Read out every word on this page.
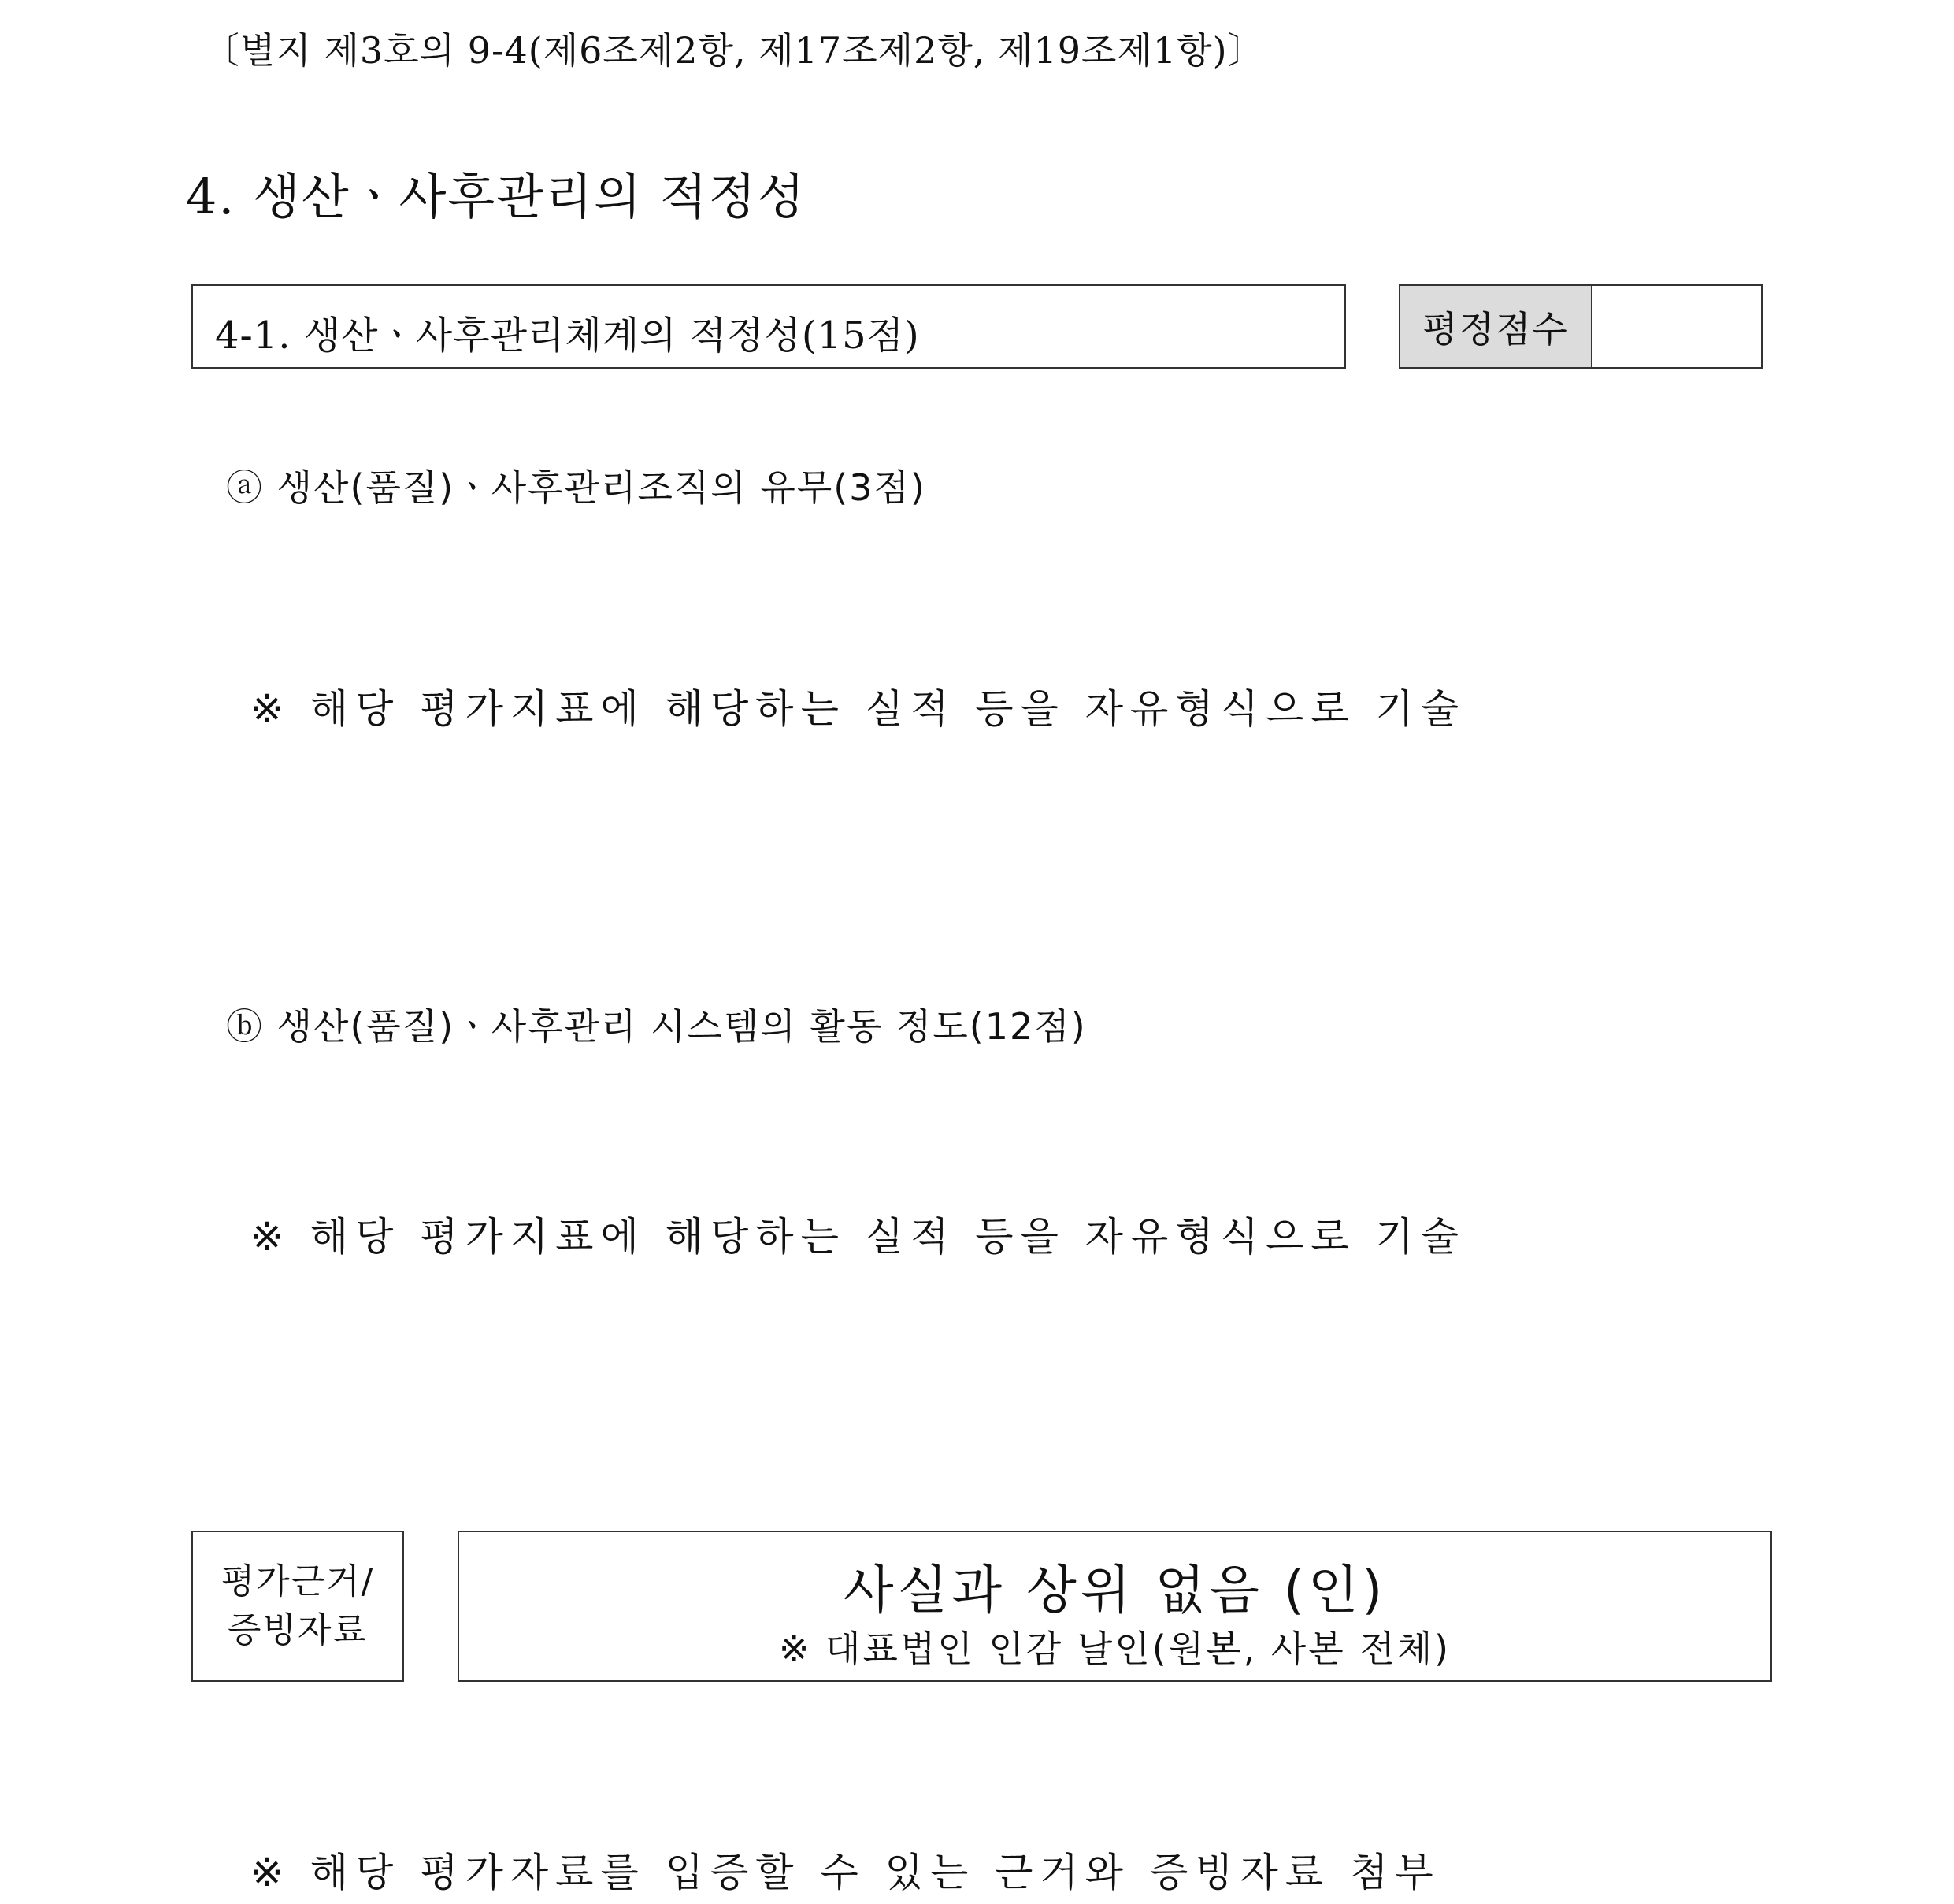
〔별지 제3호의 9-4(제6조제2항, 제17조제2항, 제19조제1항)〕
4. 생산ㆍ사후관리의 적정성
4-1. 생산ㆍ사후관리체계의 적정성(15점)	평정점수
ⓐ 생산(품질)ㆍ사후관리조직의 유무(3점)
※ 해당 평가지표에 해당하는 실적 등을 자유형식으로 기술
ⓑ 생산(품질)ㆍ사후관리 시스템의 활동 정도(12점)
※ 해당 평가지표에 해당하는 실적 등을 자유형식으로 기술
평가근거/
증빙자료
사실과 상위 없음 (인)
※ 대표법인 인감 날인(원본, 사본 전체)
※ 해당 평가자료를 입증할 수 있는 근거와 증빙자료 첨부
